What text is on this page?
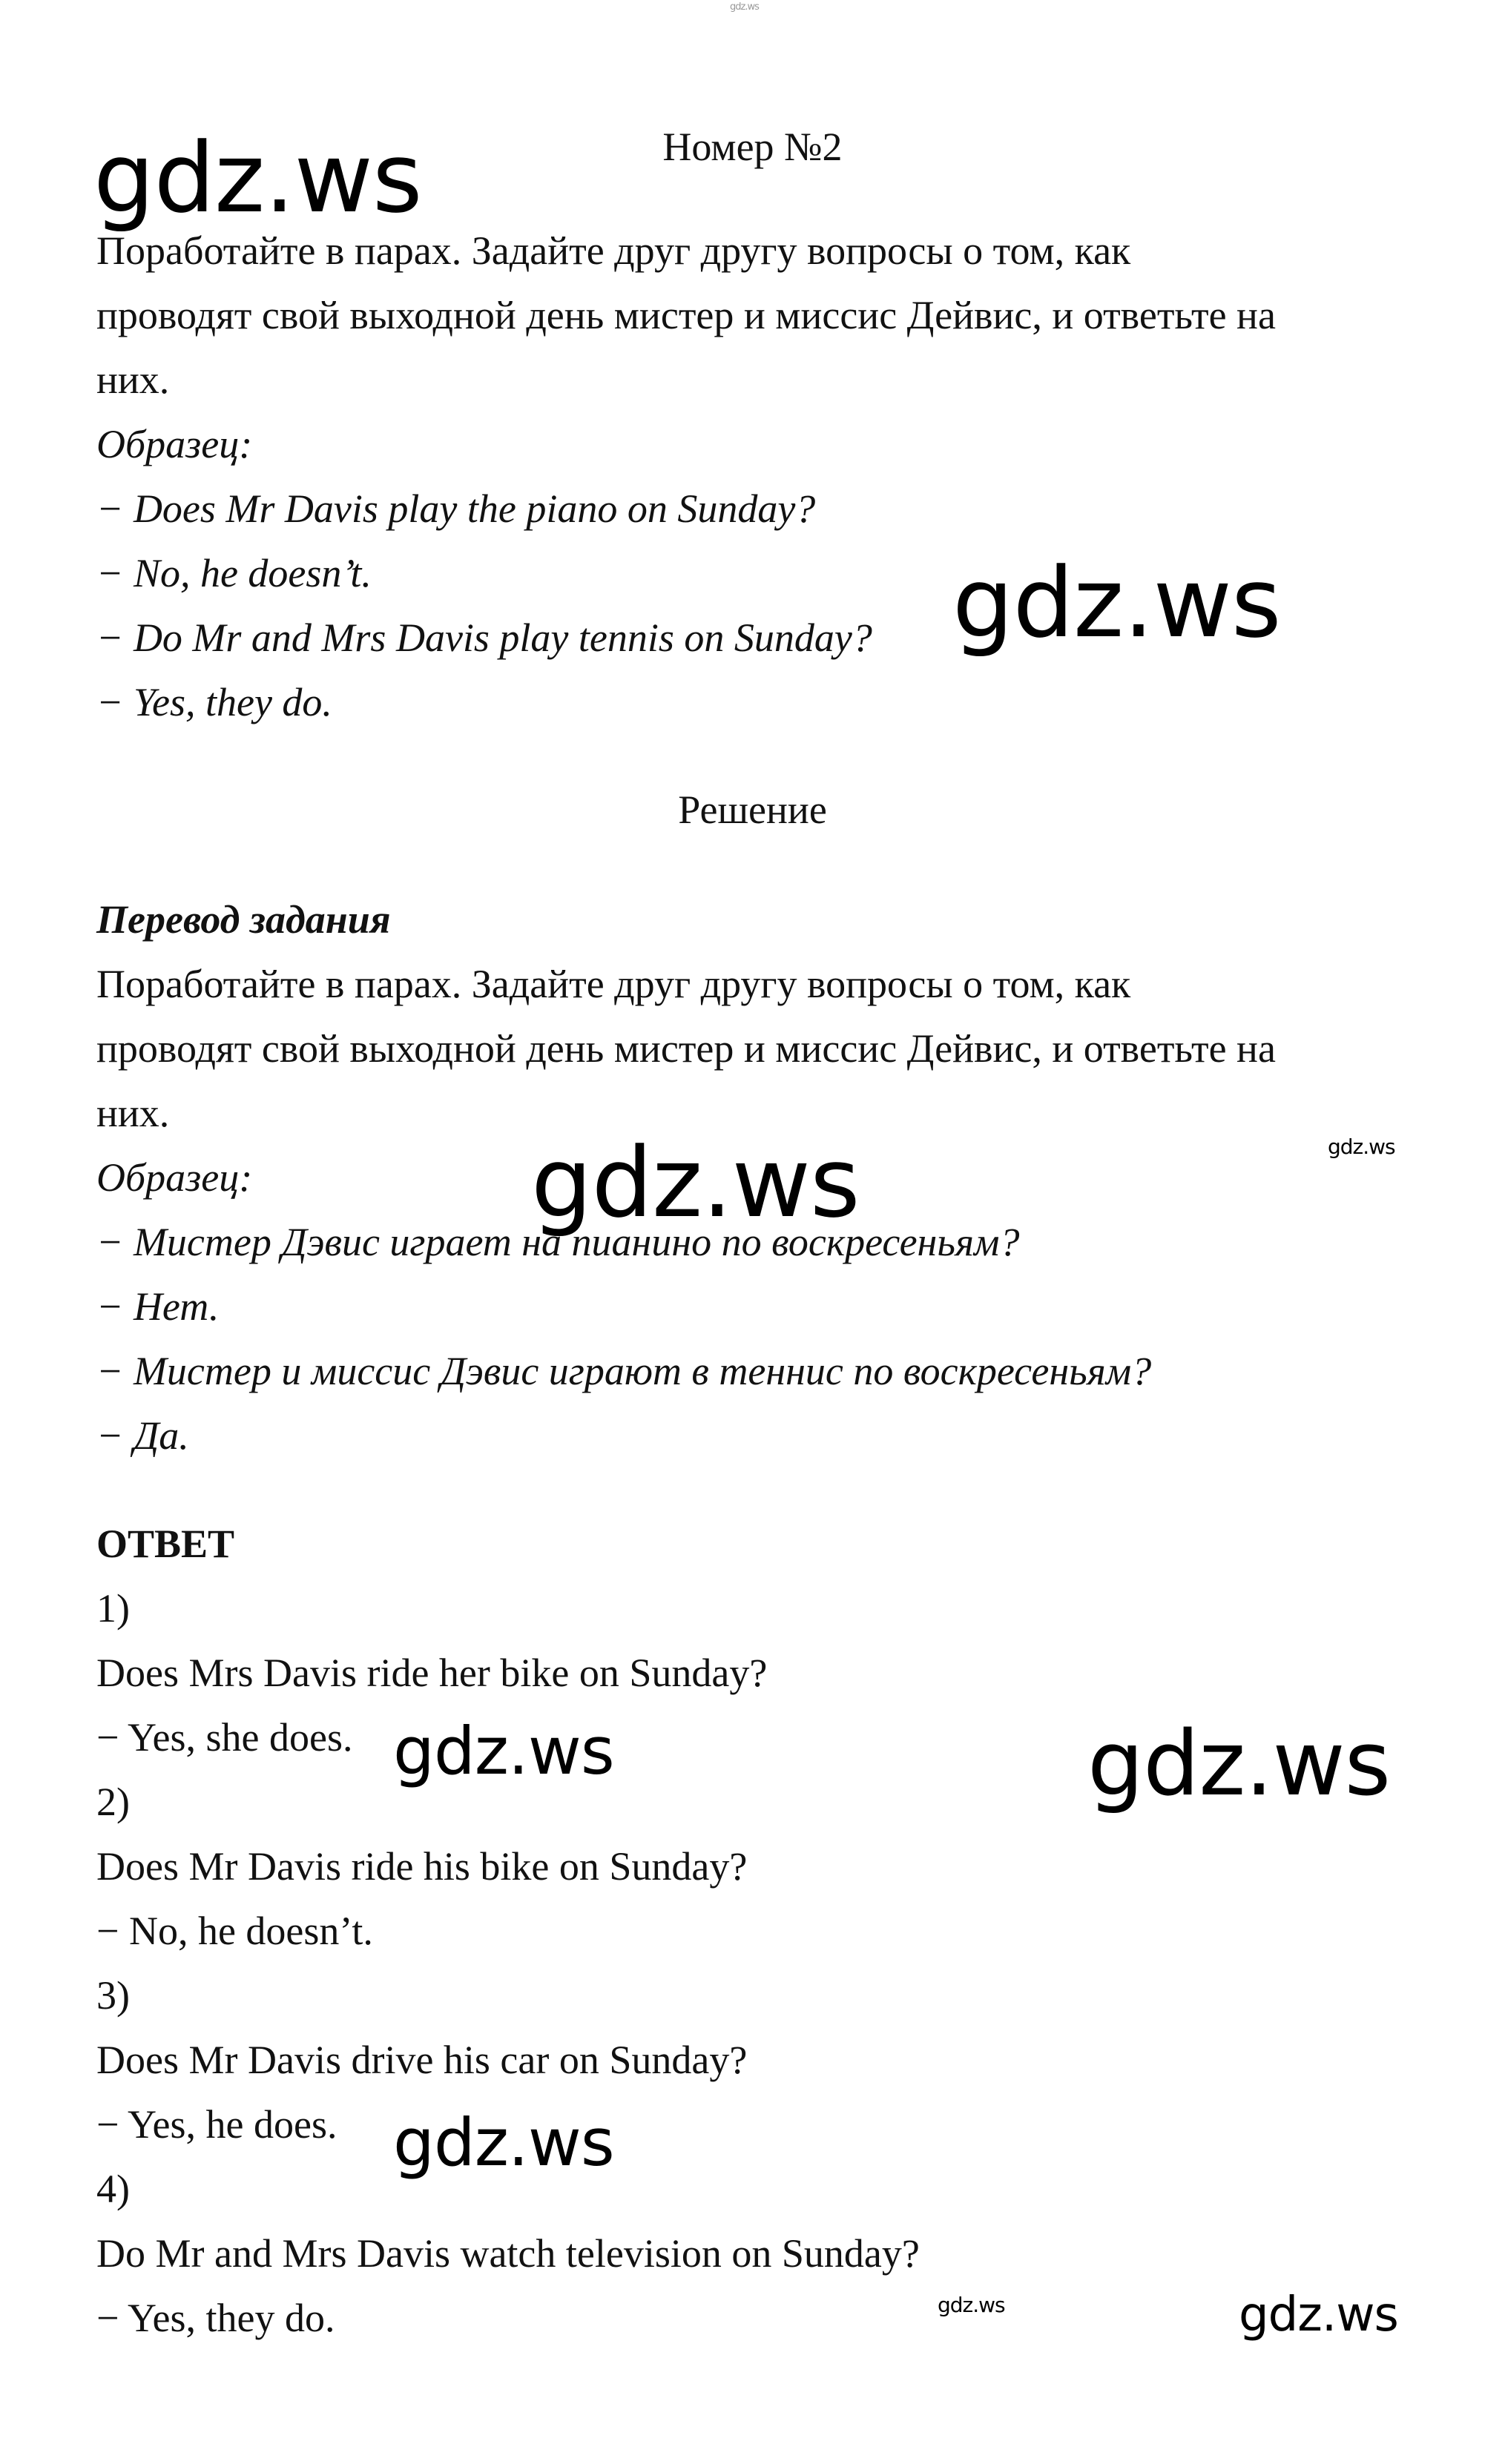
gdz.ws

gdz.ws

gdz.ws

gdz.ws

gdz.ws

gdz.ws	gdz.ws

gdz.ws

gdz.ws	gdz.ws

Номер №2

Поработайте в парах. Задайте друг другу вопросы о том, как

проводят свой выходной день мистер и миссис Дейвис, и ответьте на

них.

Образец:

− Does Mr Davis play the piano on Sunday?

− No, he doesn’t.

− Do Mr and Mrs Davis play tennis on Sunday?

− Yes, they do.

Решение

Перевод задания

Поработайте в парах. Задайте друг другу вопросы о том, как

проводят свой выходной день мистер и миссис Дейвис, и ответьте на

них.

Образец:

− Мистер Дэвис играет на пианино по воскресеньям?

− Нет.

− Мистер и миссис Дэвис играют в теннис по воскресеньям?

− Да.

ОТВЕТ

1)

Does Mrs Davis ride her bike on Sunday?

− Yes, she does.

2)

Does Mr Davis ride his bike on Sunday?

− No, he doesn’t.

3)

Does Mr Davis drive his car on Sunday?

− Yes, he does.

4)

Do Mr and Mrs Davis watch television on Sunday?

− Yes, they do.
